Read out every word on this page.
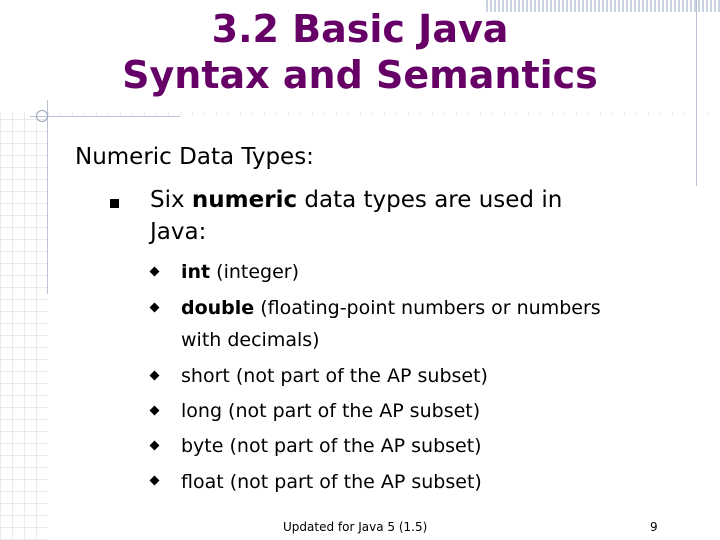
3.2 Basic Java
Syntax and Semantics

Numeric Data Types:

Six numeric data types are used in
Java:

int (integer)

double (floating-point numbers or numbers
with decimals)

short (not part of the AP subset)

long (not part of the AP subset)

byte (not part of the AP subset)

float (not part of the AP subset)

Updated for Java 5 (1.5)	9
